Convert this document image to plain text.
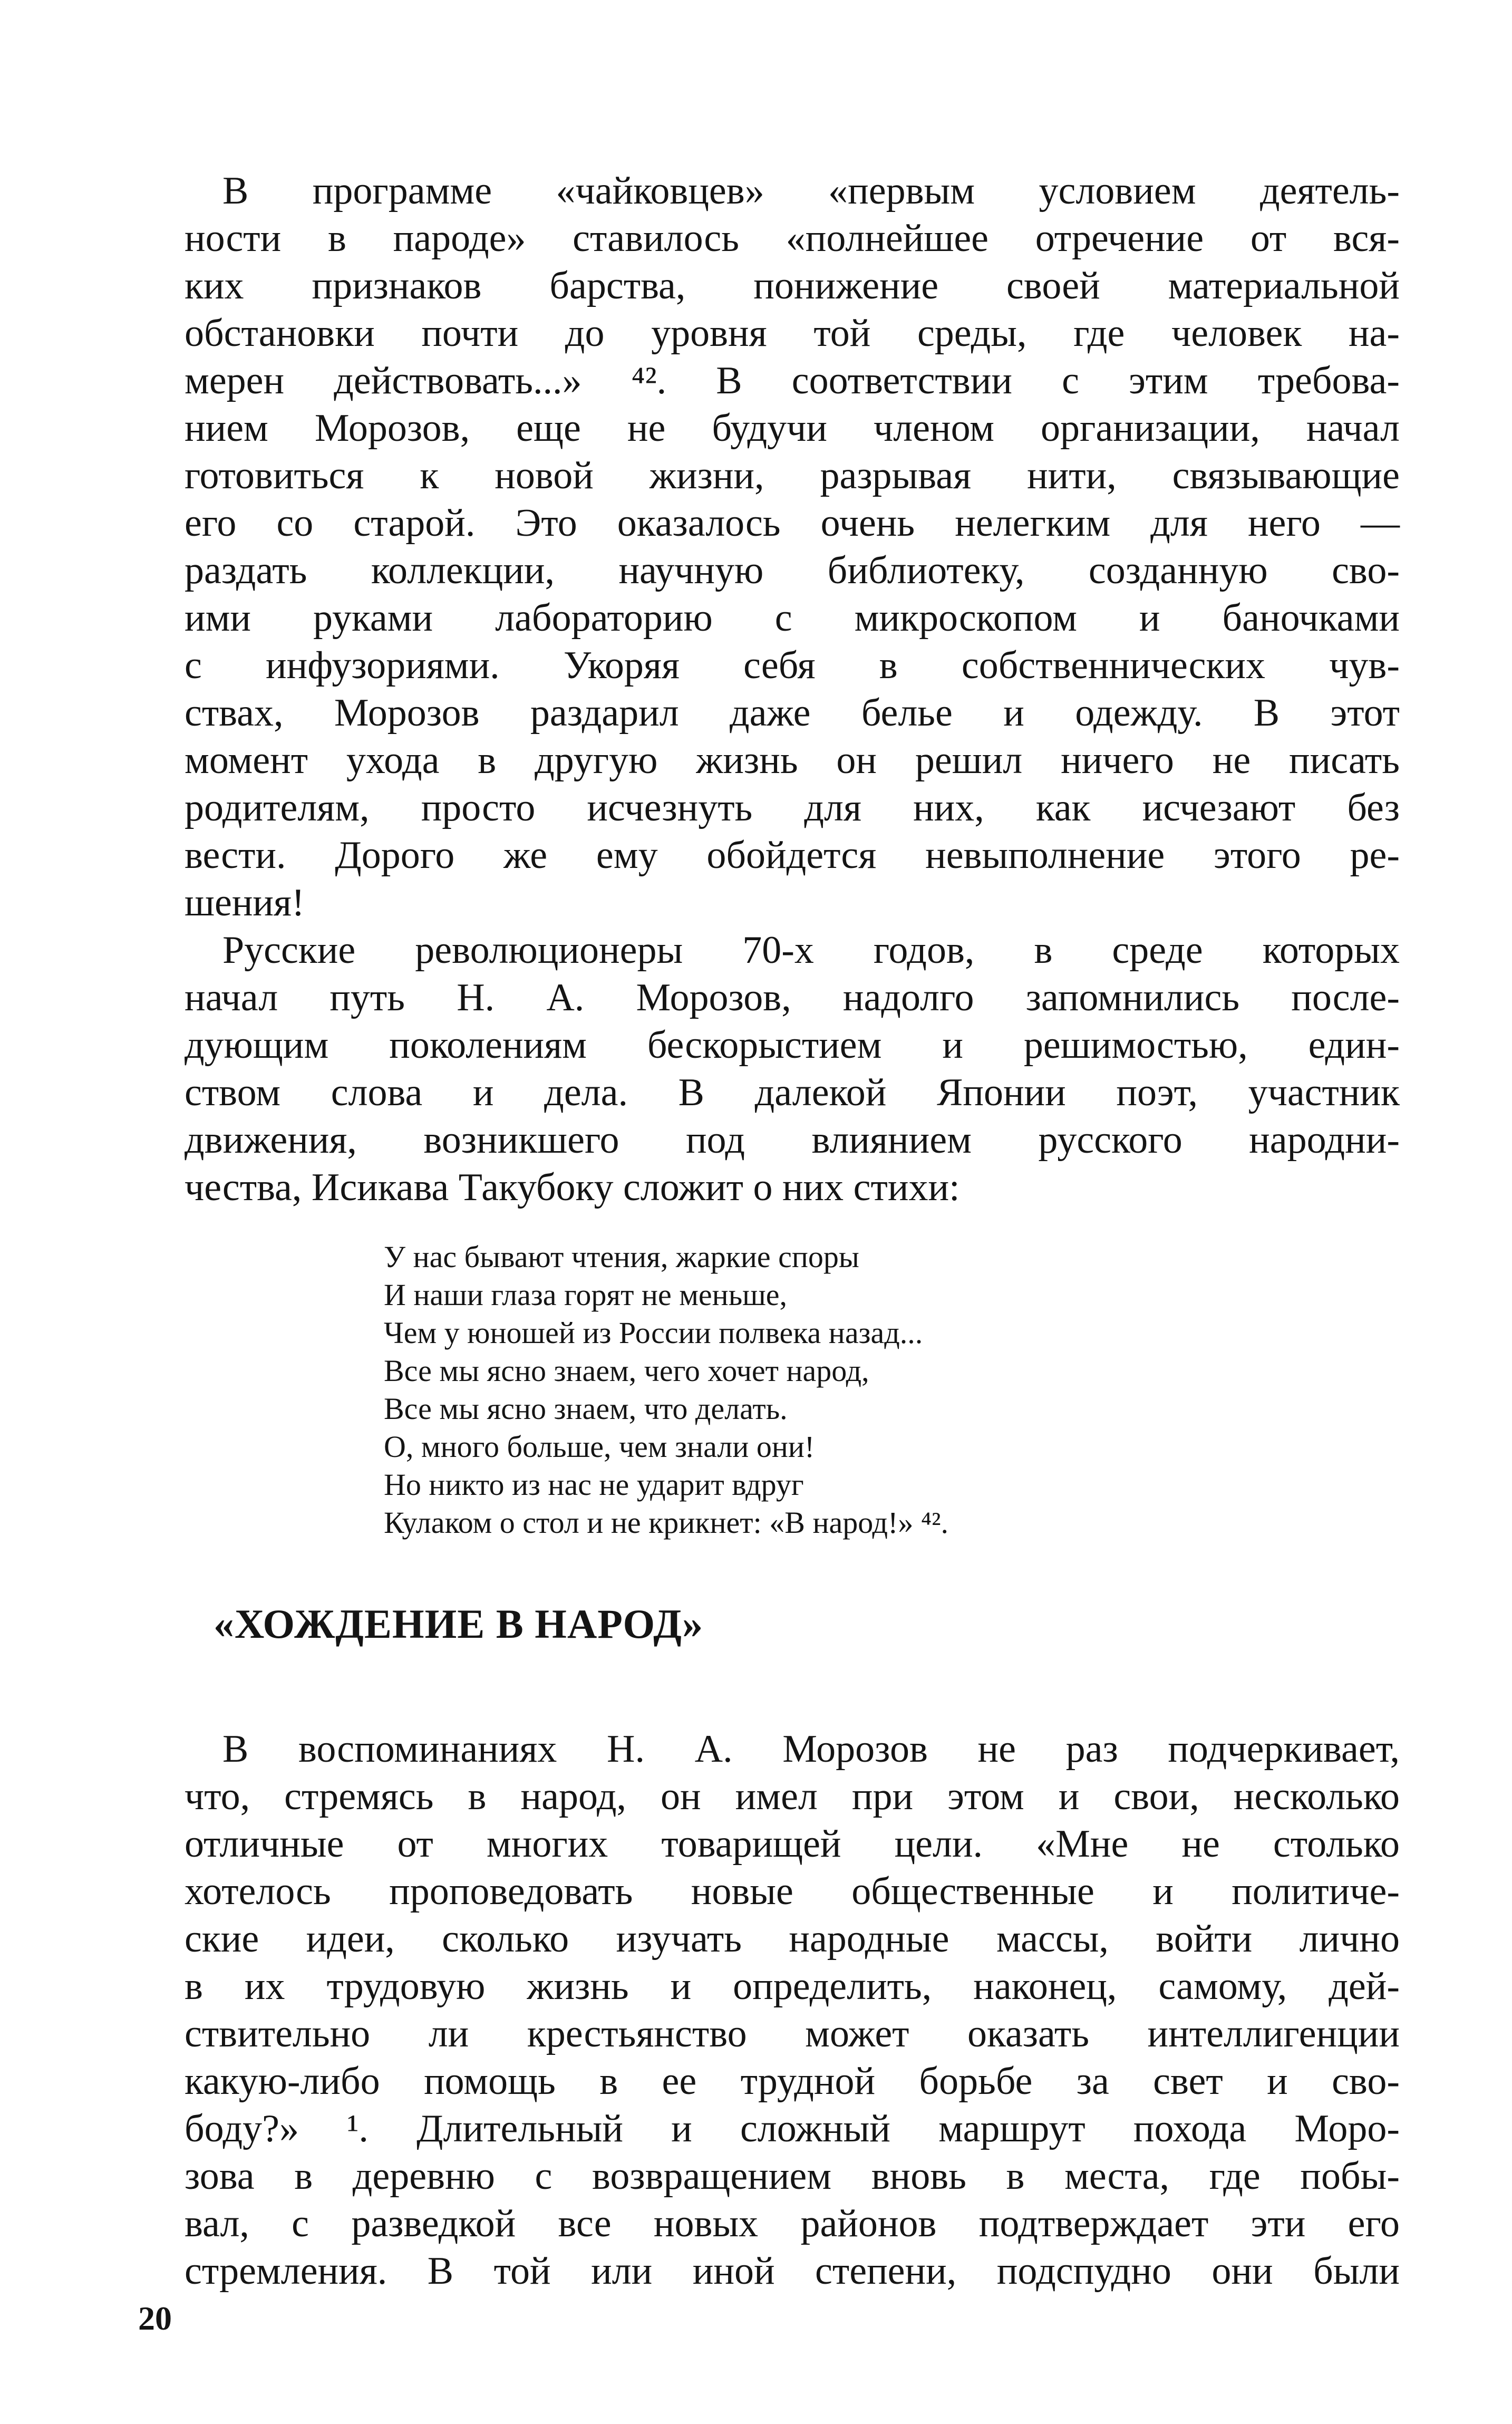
В программе «чайковцев» «первым условием деятель-
ности в пароде» ставилось «полнейшее отречение от вся-
ких признаков барства, понижение своей материальной
обстановки почти до уровня той среды, где человек на-
мерен действовать...» ⁴². В соответствии с этим требова-
нием Морозов, еще не будучи членом организации, начал
готовиться к новой жизни, разрывая нити, связывающие
его со старой. Это оказалось очень нелегким для него —
раздать коллекции, научную библиотеку, созданную сво-
ими руками лабораторию с микроскопом и баночками
с инфузориями. Укоряя себя в собственнических чув-
ствах, Морозов раздарил даже белье и одежду. В этот
момент ухода в другую жизнь он решил ничего не писать
родителям, просто исчезнуть для них, как исчезают без
вести. Дорого же ему обойдется невыполнение этого ре-
шения!
Русские революционеры 70-х годов, в среде которых
начал путь Н. А. Морозов, надолго запомнились после-
дующим поколениям бескорыстием и решимостью, един-
ством слова и дела. В далекой Японии поэт, участник
движения, возникшего под влиянием русского народни-
чества, Исикава Такубоку сложит о них стихи:
У нас бывают чтения, жаркие споры
И наши глаза горят не меньше,
Чем у юношей из России полвека назад...
Все мы ясно знаем, чего хочет народ,
Все мы ясно знаем, что делать.
О, много больше, чем знали они!
Но никто из нас не ударит вдруг
Кулаком о стол и не крикнет: «В народ!» ⁴².
«ХОЖДЕНИЕ В НАРОД»
В воспоминаниях Н. А. Морозов не раз подчеркивает,
что, стремясь в народ, он имел при этом и свои, несколько
отличные от многих товарищей цели. «Мне не столько
хотелось проповедовать новые общественные и политиче-
ские идеи, сколько изучать народные массы, войти лично
в их трудовую жизнь и определить, наконец, самому, дей-
ствительно ли крестьянство может оказать интеллигенции
какую-либо помощь в ее трудной борьбе за свет и сво-
боду?» ¹. Длительный и сложный маршрут похода Моро-
зова в деревню с возвращением вновь в места, где побы-
вал, с разведкой все новых районов подтверждает эти его
стремления. В той или иной степени, подспудно они были
20
